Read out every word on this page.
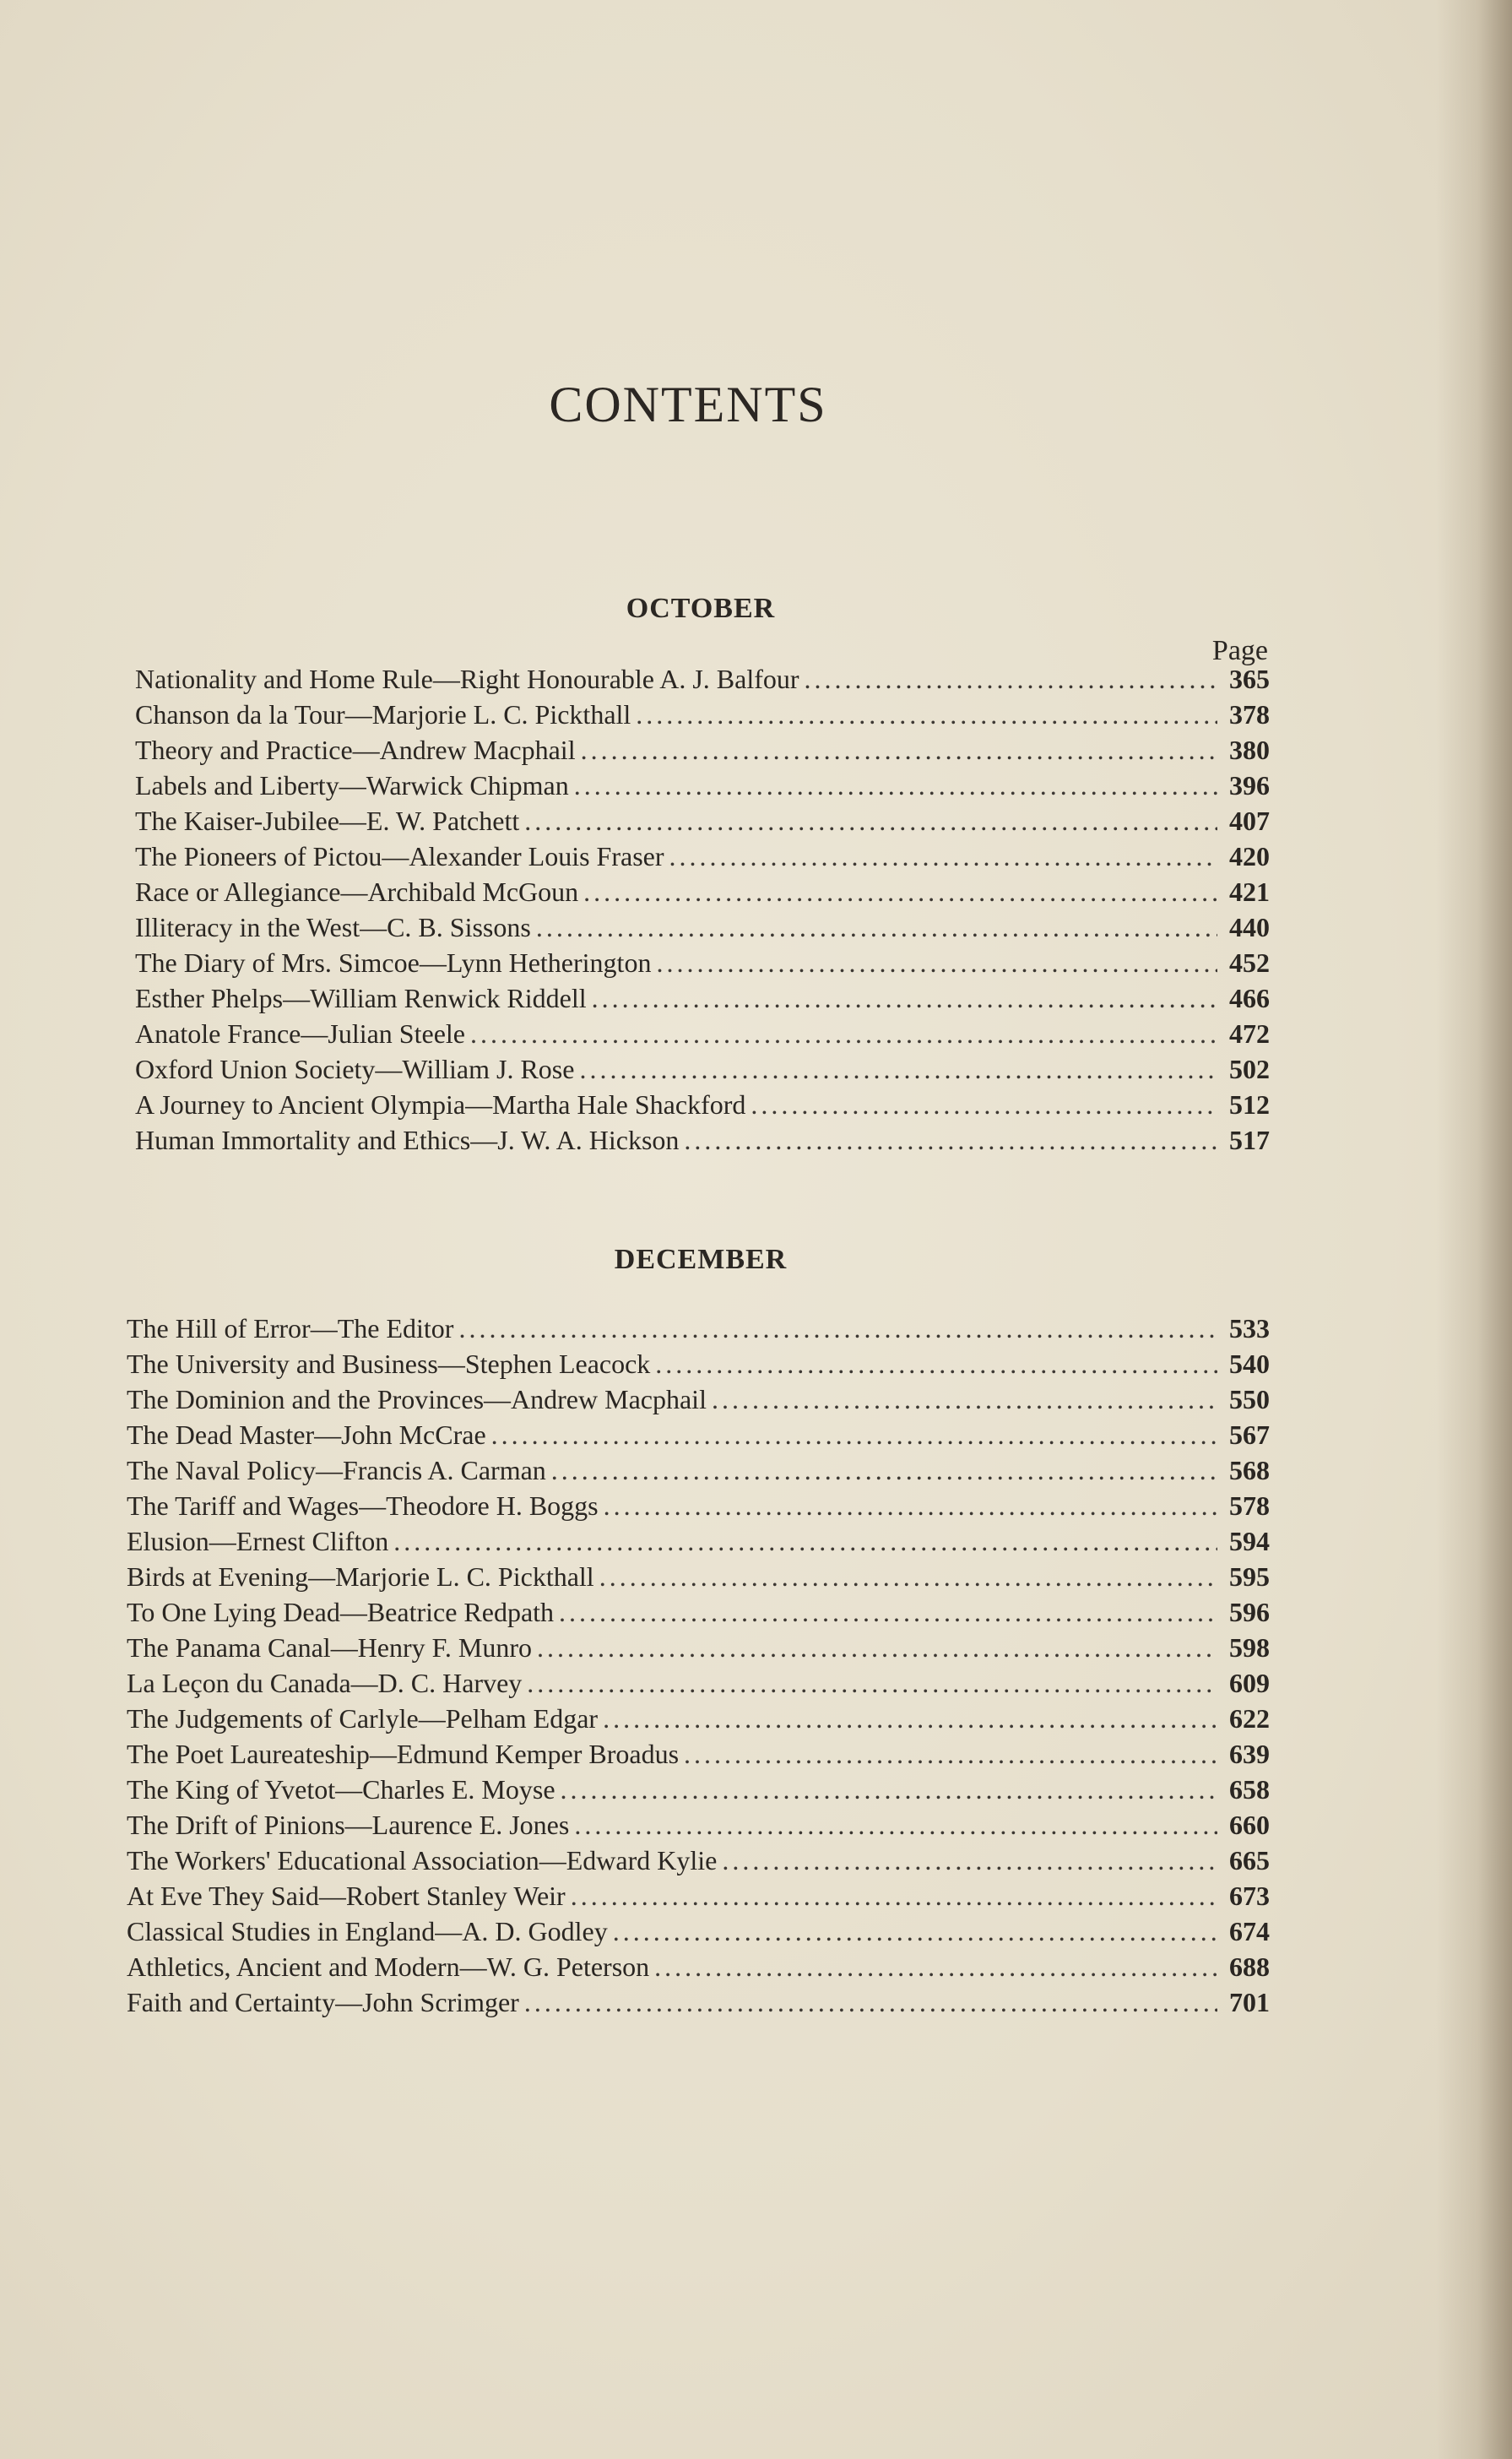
CONTENTS
OCTOBER
Page
Nationality and Home Rule—Right Honourable A. J. Balfour . . .	365
Chanson da la Tour—Marjorie L. C. Pickthall . . .	378
Theory and Practice—Andrew Macphail . . .	380
Labels and Liberty—Warwick Chipman . . .	396
The Kaiser-Jubilee—E. W. Patchett . . .	407
The Pioneers of Pictou—Alexander Louis Fraser . . .	420
Race or Allegiance—Archibald McGoun . . .	421
Illiteracy in the West—C. B. Sissons . . .	440
The Diary of Mrs. Simcoe—Lynn Hetherington . . .	452
Esther Phelps—William Renwick Riddell . . .	466
Anatole France—Julian Steele . . .	472
Oxford Union Society—William J. Rose . . .	502
A Journey to Ancient Olympia—Martha Hale Shackford . . .	512
Human Immortality and Ethics—J. W. A. Hickson . . .	517
DECEMBER
The Hill of Error—The Editor . . .	533
The University and Business—Stephen Leacock . . .	540
The Dominion and the Provinces—Andrew Macphail . . .	550
The Dead Master—John McCrae . . .	567
The Naval Policy—Francis A. Carman . . .	568
The Tariff and Wages—Theodore H. Boggs . . .	578
Elusion—Ernest Clifton . . .	594
Birds at Evening—Marjorie L. C. Pickthall . . .	595
To One Lying Dead—Beatrice Redpath . . .	596
The Panama Canal—Henry F. Munro . . .	598
La Leçon du Canada—D. C. Harvey . . .	609
The Judgements of Carlyle—Pelham Edgar . . .	622
The Poet Laureateship—Edmund Kemper Broadus . . .	639
The King of Yvetot—Charles E. Moyse . . .	658
The Drift of Pinions—Laurence E. Jones . . .	660
The Workers' Educational Association—Edward Kylie . . .	665
At Eve They Said—Robert Stanley Weir . . .	673
Classical Studies in England—A. D. Godley . . .	674
Athletics, Ancient and Modern—W. G. Peterson . . .	688
Faith and Certainty—John Scrimger . . .	701
